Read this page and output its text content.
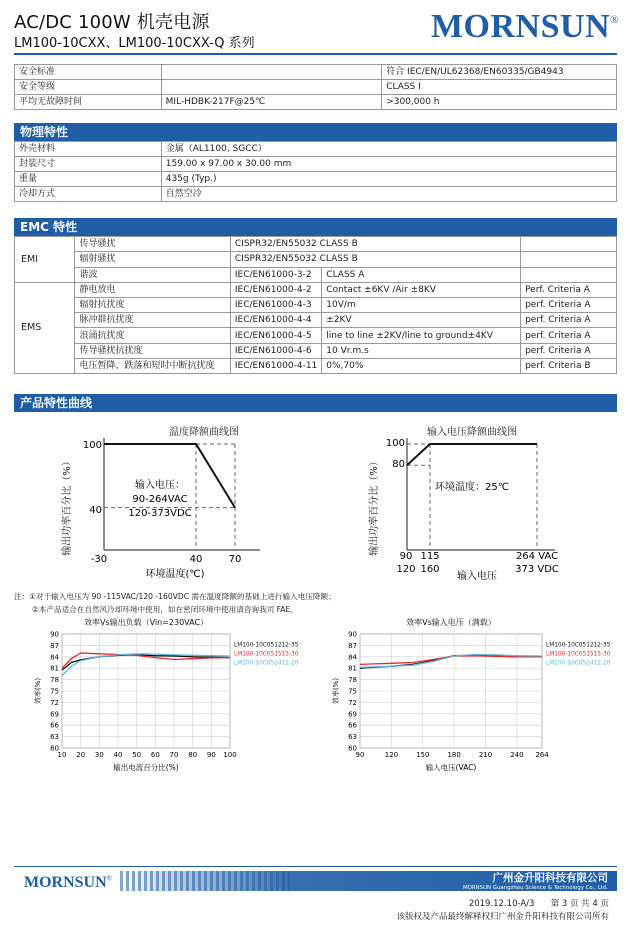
AC/DC 100W 机壳电源
LM100-10CXX、LM100-10CXX-Q 系列	MORNSUN®
安全标准		符合 IEC/EN/UL62368/EN60335/GB4943
安全等级		CLASS I
平均无故障时间	MIL-HDBK-217F@25℃	>300,000 h
物理特性
外壳材料	金属（AL1100, SGCC）
封装尺寸	159.00 x 97.00 x 30.00 mm
重量	435g (Typ.)
冷却方式	自然空冷
EMC 特性
EMI	传导骚扰	CISPR32/EN55032 CLASS B		
	辐射骚扰	CISPR32/EN55032 CLASS B		
	谐波	IEC/EN61000-3-2	CLASS A	
EMS	静电放电	IEC/EN61000-4-2	Contact ±6KV /Air ±8KV	Perf. Criteria A
	辐射抗扰度	IEC/EN61000-4-3	10V/m	perf. Criteria A
	脉冲群抗扰度	IEC/EN61000-4-4	±2KV	perf. Criteria A
	浪涌抗扰度	IEC/EN61000-4-5	line to line ±2KV/line to ground±4KV	perf. Criteria A
	传导骚扰抗扰度	IEC/EN61000-4-6	10 Vr.m.s	perf. Criteria A
	电压暂降、跌落和短时中断抗扰度	IEC/EN61000-4-11	0%,70%	perf. Criteria B
产品特性曲线
温度降额曲线图
输出功率百分比（%）
100
40
-30	40	70
环境温度(℃)
输入电压：
90-264VAC
120-373VDC
输入电压降额曲线图
输出功率百分比（%）
100
80
90 115	264 VAC
120 160	373 VDC
输入电压
环境温度：25℃
注：①对于输入电压为 90 -115VAC/120 -160VDC 需在温度降额的基础上进行输入电压降额；
②本产品适合在自然风冷却环境中使用，如在密闭环境中使用请咨询我司 FAE。
效率Vs输出负载（Vin=230VAC）
60
63
66
69
72
75
78
81
84
87
90
10 20 30 40 50 60 70 80 90 100
LM100-10C051212-35
LM100-10C051515-30
LM100-10C052412-20
效率(%)
输出电流百分比(%)
效率Vs输入电压（满载）
60
63
66
69
72
75
78
81
84
87
90
90	120	150	180	210	240 264
LM100-10C051212-35
LM100-10C051515-30
LM100-10C052412-20
效率(%)
输入电压(VAC)
MORNSUN®	广州金升阳科技有限公司
MORNSUN Guangzhou Science & Technology Co., Ltd.
2019.12.10-A/3 第 3 页 共 4 页
该版权及产品最终解释权归广州金升阳科技有限公司所有
